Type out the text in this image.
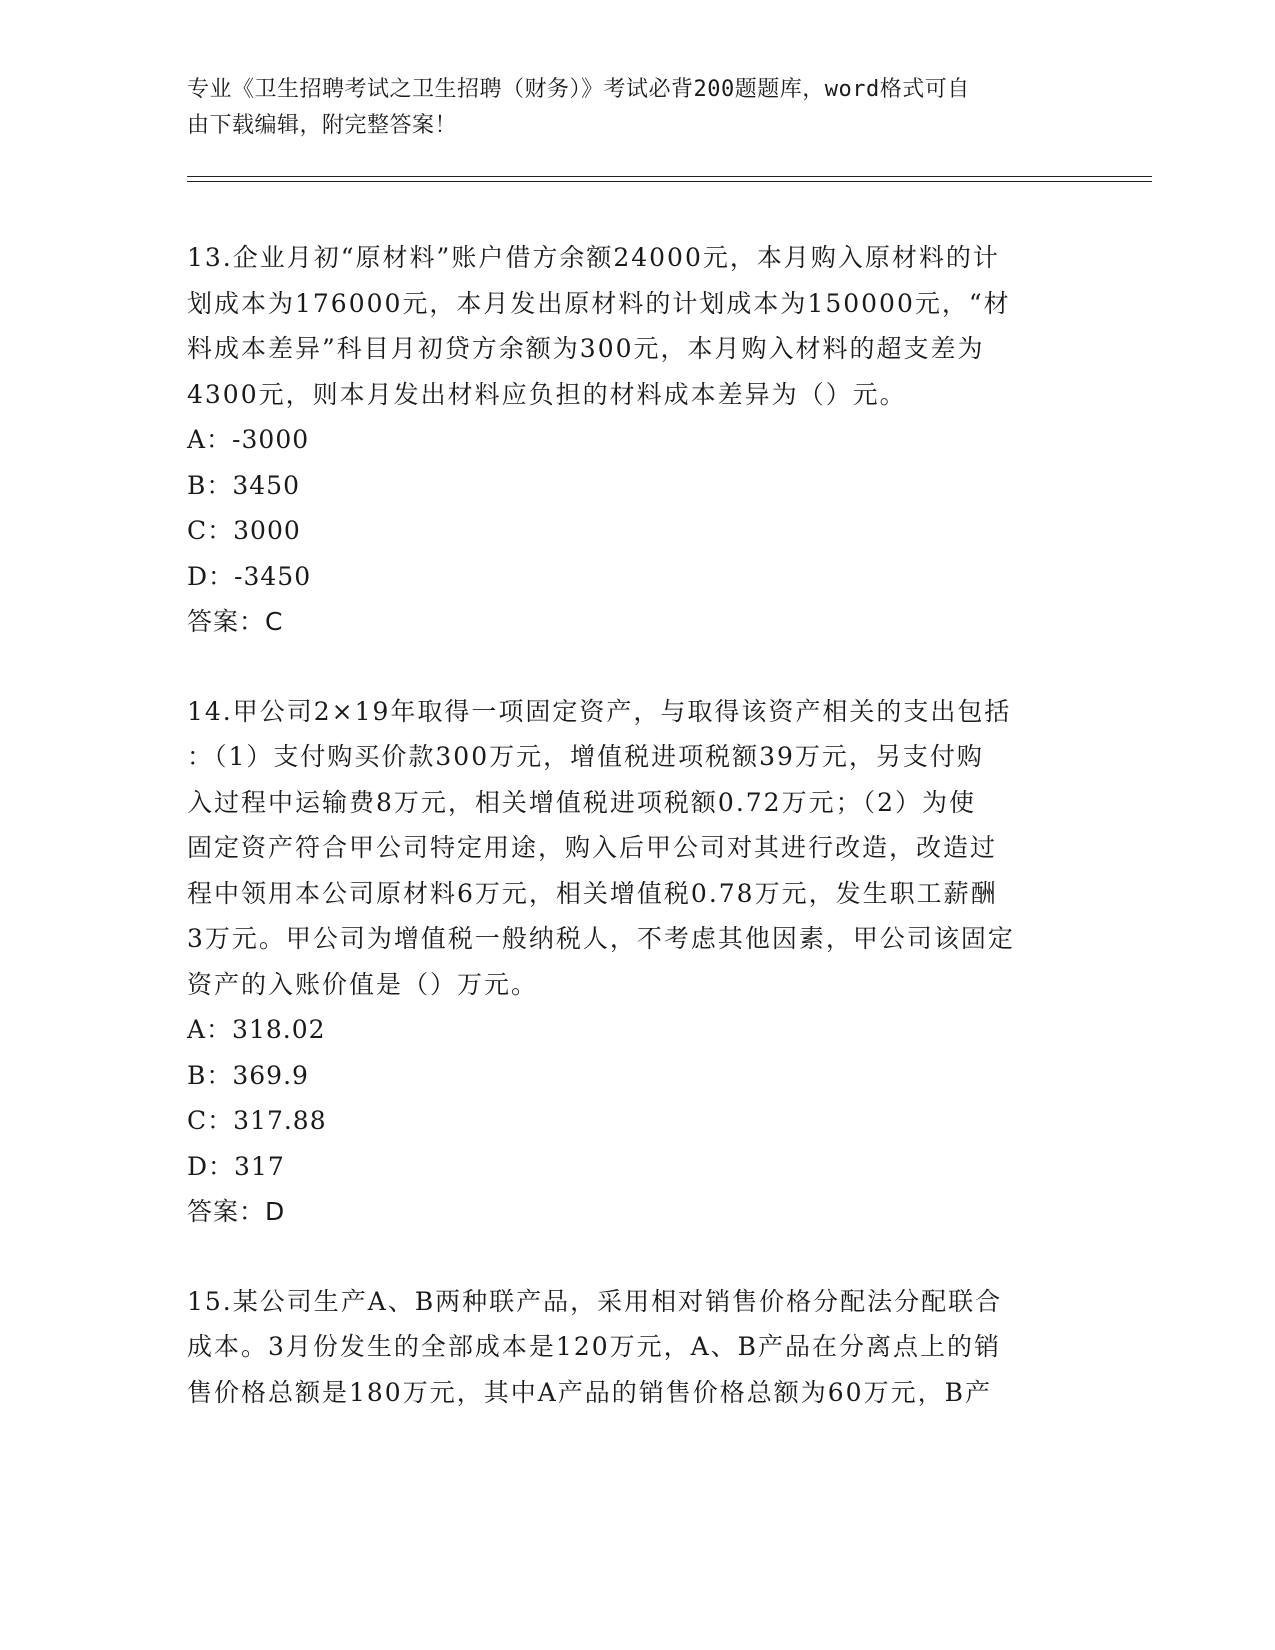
专业《卫生招聘考试之卫生招聘（财务）》考试必背200题题库，word格式可自
由下载编辑，附完整答案！

13.企业月初“原材料”账户借方余额24000元，本月购入原材料的计

划成本为176000元，本月发出原材料的计划成本为150000元，“材

料成本差异”科目月初贷方余额为300元，本月购入材料的超支差为

4300元，则本月发出材料应负担的材料成本差异为（）元。

A：-3000

B：3450

C：3000

D：-3450

答案：C

14.甲公司2×19年取得一项固定资产，与取得该资产相关的支出包括

：（1）支付购买价款300万元，增值税进项税额39万元，另支付购

入过程中运输费8万元，相关增值税进项税额0.72万元；（2）为使

固定资产符合甲公司特定用途，购入后甲公司对其进行改造，改造过

程中领用本公司原材料6万元，相关增值税0.78万元，发生职工薪酬

3万元。甲公司为增值税一般纳税人，不考虑其他因素，甲公司该固定

资产的入账价值是（）万元。

A：318.02

B：369.9

C：317.88

D：317

答案：D

15.某公司生产A、B两种联产品，采用相对销售价格分配法分配联合

成本。3月份发生的全部成本是120万元，A、B产品在分离点上的销

售价格总额是180万元，其中A产品的销售价格总额为60万元，B产
